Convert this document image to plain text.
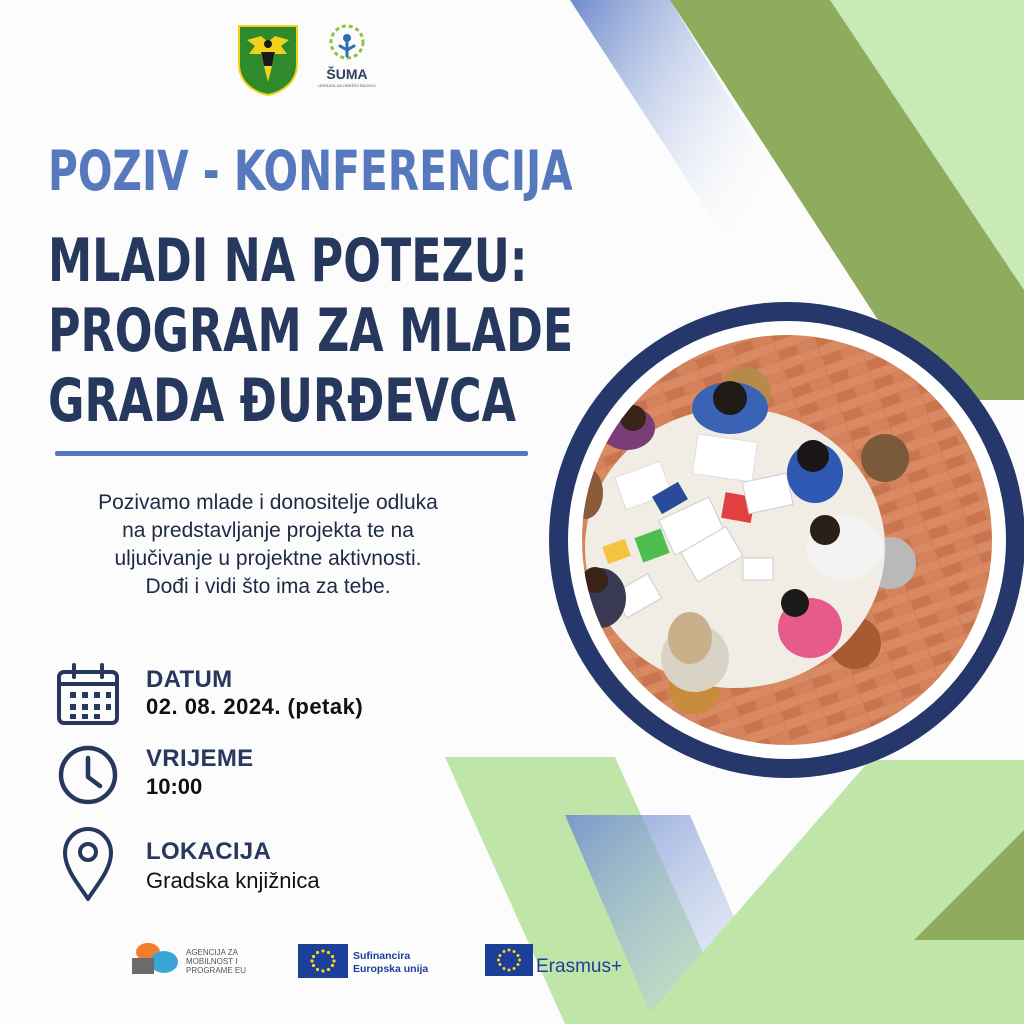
ŠUMA
UDRUGA ZA ODRŽIVI RAZVOJ
POZIV - KONFERENCIJA
MLADI NA POTEZU:
PROGRAM ZA MLADE
GRADA ĐURĐEVCA
Pozivamo mlade i donositelje odluka
na predstavljanje projekta te na
uljučivanje u projektne aktivnosti.
Dođi i vidi što ima za tebe.
DATUM
02. 08. 2024. (petak)
VRIJEME
10:00
LOKACIJA
Gradska knjižnica
AGENCIJA ZA
MOBILNOST I
PROGRAME EU
Sufinancira
Europska unija	Erasmus+
